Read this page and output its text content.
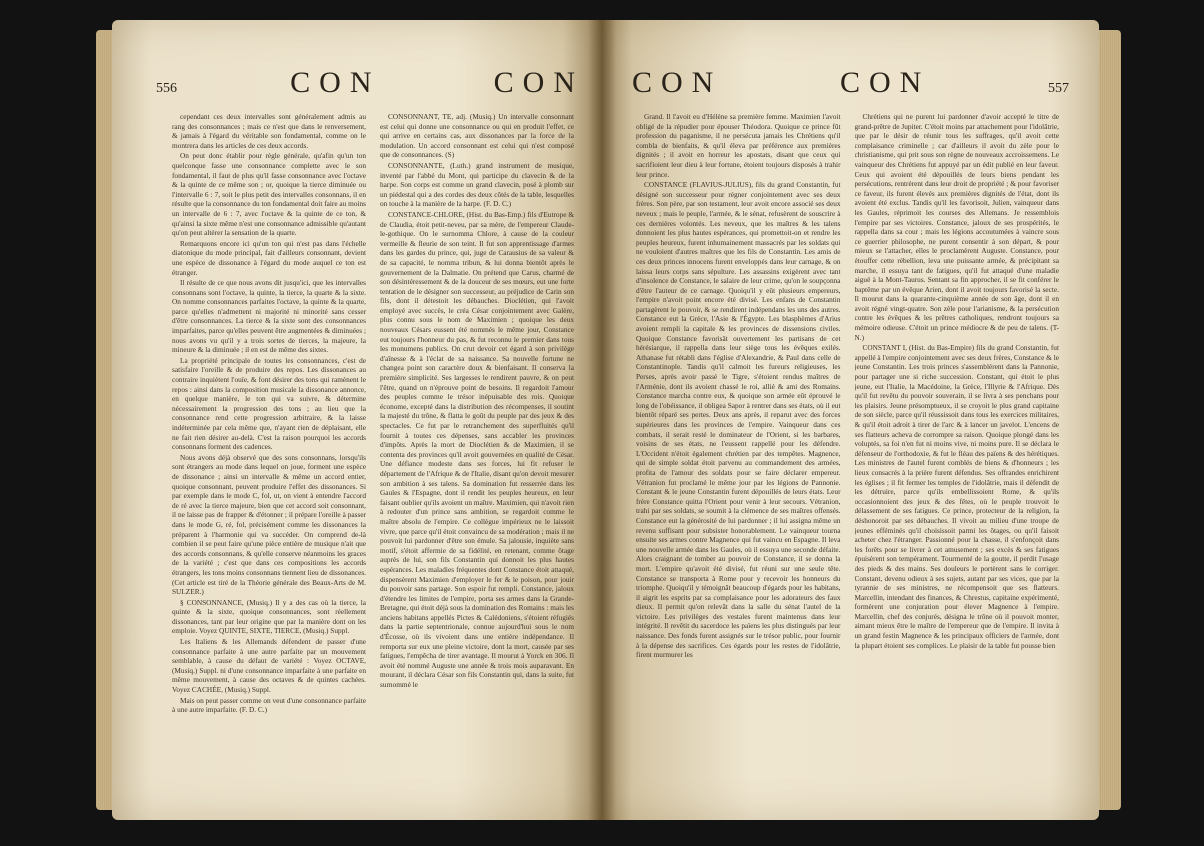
556	CON	CON

cependant ces deux intervalles sont généralement admis au rang des consonnances ; mais ce n'est que dans le renversement, & jamais à l'égard du véritable son fondamental, comme on le montrera dans les articles de ces deux accords.

On peut donc établir pour règle générale, qu'afin qu'un ton quelconque fasse une consonnance complette avec le son fondamental, il faut de plus qu'il fasse consonnance avec l'octave & la quinte de ce même son ; or, quoique la tierce diminuée ou l'intervalle 6 : 7, soit le plus petit des intervalles consonnans, il en résulte que la consonnance du ton fondamental doit faire au moins un intervalle de 6 : 7, avec l'octave & la quinte de ce ton, & qu'ainsi la sixte même n'est une consonnance admissible qu'autant qu'on peut altérer la sensation de la quarte.

Remarquons encore ici qu'un ton qui n'est pas dans l'échelle diatonique du mode principal, fait d'ailleurs consonnant, devient une espèce de dissonance à l'égard du mode auquel ce ton est étranger.

Il résulte de ce que nous avons dit jusqu'ici, que les intervalles consonnans sont l'octave, la quinte, la tierce, la quarte & la sixte. On nomme consonnances parfaites l'octave, la quinte & la quarte, parce qu'elles n'admettent ni majorité ni minorité sans cesser d'être consonnances. La tierce & la sixte sont des consonnances imparfaites, parce qu'elles peuvent être augmentées & diminuées ; nous avons vu qu'il y a trois sortes de tierces, la majeure, la mineure & la diminuée ; il en est de même des sixtes.

La propriété principale de toutes les consonnances, c'est de satisfaire l'oreille & de produire des repos. Les dissonances au contraire inquiètent l'ouïe, & font désirer des tons qui ramènent le repos : ainsi dans la composition musicale la dissonance annonce, en quelque manière, le ton qui va suivre, & détermine nécessairement la progression des tons ; au lieu que la consonnance rend cette progression arbitraire, & la laisse indéterminée par cela même que, n'ayant rien de déplaisant, elle ne fait rien désirer au-delà. C'est la raison pourquoi les accords consonnans forment des cadences.

Nous avons déjà observé que des sons consonnans, lorsqu'ils sont étrangers au mode dans lequel on joue, forment une espèce de dissonance ; ainsi un intervalle & même un accord entier, quoique consonnant, peuvent produire l'effet des dissonances. Si par exemple dans le mode C, fol, ut, on vient à entendre l'accord de ré avec la tierce majeure, bien que cet accord soit consonnant, il ne laisse pas de frapper & d'étonner ; il prépare l'oreille à passer dans le mode G, ré, fol, précisément comme les dissonances la préparent à l'harmonie qui va succéder. On comprend de-là combien il se peut faire qu'une pièce entière de musique n'ait que des accords consonnans, & qu'elle conserve néanmoins les graces de la variété ; c'est que dans ces compositions les accords étrangers, les tons moins consonnans tiennent lieu de dissonances. (Cet article est tiré de la Théorie générale des Beaux-Arts de M. SULZER.)

§ CONSONNANCE, (Musiq.) Il y a des cas où la tierce, la quinte & la sixte, quoique consonnances, sont réellement dissonances, tant par leur origine que par la manière dont on les emploie. Voyez QUINTE, SIXTE, TIERCE, (Musiq.) Suppl.

Les Italiens & les Allemands défendent de passer d'une consonnance parfaite à une autre parfaite par un mouvement semblable, à cause du défaut de variété : Voyez OCTAVE, (Musiq.) Suppl. ni d'une consonnance imparfaite à une parfaite en même mouvement, à cause des octaves & de quintes cachées. Voyez CACHÉE, (Musiq.) Suppl.

Mais on peut passer comme on veut d'une consonnance parfaite à une autre imparfaite. (F. D. C.)

CONSONNANT, TE, adj. (Musiq.) Un intervalle consonnant est celui qui donne une consonnance ou qui en produit l'effet, ce qui arrive en certains cas, aux dissonances par la force de la modulation. Un accord consonnant est celui qui n'est composé que de consonnances. (S)

CONSONNANTE, (Luth.) grand instrument de musique, inventé par l'abbé du Mont, qui participe du clavecin & de la harpe. Son corps est comme un grand clavecin, posé à plomb sur un piédestal qui a des cordes des deux côtés de la table, lesquelles on touche à la manière de la harpe. (F. D. C.)

CONSTANCE-CHLORE, (Hist. du Bas-Emp.) fils d'Eutrope & de Claudia, étoit petit-neveu, par sa mère, de l'empereur Claude-le-gothique. On le surnomma Chlore, à cause de la couleur vermeille & fleurie de son teint. Il fut son apprentissage d'armes dans les gardes du prince, qui, juge de Carausius de sa valeur & de sa capacité, le nomma tribun, & lui donna bientôt après le gouvernement de la Dalmatie. On prétend que Carus, charmé de son désintéressement & de la douceur de ses mœurs, eut une forte tentation de le désigner son successeur, au préjudice de Carin son fils, dont il détestoit les débauches. Dioclétien, qui l'avoit employé avec succès, le créa César conjointement avec Galère, plus connu sous le nom de Maximien ; quoique les deux nouveaux Césars eussent été nommés le même jour, Constance eut toujours l'honneur du pas, & fut reconnu le premier dans tous les monumens publics. On crut devoir cet égard à son privilège d'aînesse & à l'éclat de sa naissance. Sa nouvelle fortune ne changea point son caractère doux & bienfaisant. Il conserva la première simplicité. Ses largesses le rendirent pauvre, & on peut l'être, quand on n'éprouve point de besoins. Il regardoit l'amour des peuples comme le trésor inépuisable des rois. Quoique économe, excepté dans la distribution des récompenses, il soutint la majesté du trône, & flatta le goût du peuple par des jeux & des spectacles. Ce fut par le retranchement des superfluités qu'il fournit à toutes ces dépenses, sans accabler les provinces d'impôts. Après la mort de Dioclétien & de Maximien, il se contenta des provinces qu'il avoit gouvernées en qualité de César. Une défiance modeste dans ses forces, lui fit refuser le département de l'Afrique & de l'Italie, disant qu'on devoit mesurer son ambition à ses talens. Sa domination fut resserrée dans les Gaules & l'Espagne, dont il rendit les peuples heureux, en leur faisant oublier qu'ils avoient un maître. Maximien, qui n'avoit rien à redouter d'un prince sans ambition, se regardoit comme le maître absolu de l'empire. Ce collègue impérieux ne le laissoit vivre, que parce qu'il étoit convaincu de sa modération ; mais il ne pouvoit lui pardonner d'être son émule. Sa jalousie, inquiète sans motif, s'étoit affermie de sa fidélité, en retenant, comme ôtage auprès de lui, son fils Constantin qui donnoit les plus hautes espérances. Les maladies fréquentes dont Constance étoit attaqué, dispensèrent Maximien d'employer le fer & le poison, pour jouir du pouvoir sans partage. Son espoir fut rempli. Constance, jaloux d'étendre les limites de l'empire, porta ses armes dans la Grande-Bretagne, qui étoit déjà sous la domination des Romains : mais les anciens habitans appellés Pictes & Calédoniens, s'étoient réfugiés dans la partie septentrionale, connue aujourd'hui sous le nom d'Écosse, où ils vivoient dans une entière indépendance. Il remporta sur eux une pleine victoire, dont la mort, causée par ses fatigues, l'empêcha de tirer avantage. Il mourut à Yorck en 306. Il avoit été nommé Auguste une année & trois mois auparavant. En mourant, il déclara César son fils Constantin qui, dans la suite, fut surnommé le

CON	CON	557

Grand. Il l'avoit eu d'Hélène sa première femme. Maximien l'avoit obligé de la répudier pour épouser Théodora. Quoique ce prince fût profession du paganisme, il ne persécuta jamais les Chrétiens qu'il combla de bienfaits, & qu'il éleva par préférence aux premières dignités ; il avoit en horreur les apostats, disant que ceux qui sacrifioient leur dieu à leur fortune, étoient toujours disposés à trahir leur prince.

CONSTANCE (FLAVIUS-JULIUS), fils du grand Constantin, fut désigné son successeur pour régner conjointement avec ses deux frères. Son père, par son testament, leur avoit encore associé ses deux neveux ; mais le peuple, l'armée, & le sénat, refusèrent de souscrire à ces dernières volontés. Les neveux, que les maîtres & les talens donnoient les plus hautes espérances, qui promettoit-on et rendre les peuples heureux, furent inhumainement massacrés par les soldats qui ne vouloient d'autres maîtres que les fils de Constantin. Les amis de ces deux princes innocens furent enveloppés dans leur carnage, & on laissa leurs corps sans sépulture. Les assassins exigèrent avec tant d'insolence de Constance, le salaire de leur crime, qu'on le soupçonna d'être l'auteur de ce carnage. Quoiqu'il y eût plusieurs empereurs, l'empire n'avoit point encore été divisé. Les enfans de Constantin partagèrent le pouvoir, & se rendirent indépendans les uns des autres. Constance eut la Grèce, l'Asie & l'Égypte. Les blasphèmes d'Arius avoient rempli la capitale & les provinces de dissensions civiles. Quoique Constance favorisât ouvertement les partisans de cet hérésiarque, il rappella dans leur siège tous les évêques exilés. Athanase fut rétabli dans l'église d'Alexandrie, & Paul dans celle de Constantinople. Tandis qu'il calmoit les fureurs religieuses, les Perses, après avoir passé le Tigre, s'étoient rendus maîtres de l'Arménie, dont ils avoient chassé le roi, allié & ami des Romains. Constance marcha contre eux, & quoique son armée eût éprouvé le long de l'obéissance, il obligea Sapor à rentrer dans ses états, où il eut bientôt réparé ses pertes. Deux ans après, il reparut avec des forces supérieures dans les provinces de l'empire. Vainqueur dans ces combats, il serait resté le dominateur de l'Orient, si les barbares, voisins de ses états, ne l'eussent rappellé pour les défendre. L'Occident n'étoit également chrétien par des tempêtes. Magnence, qui de simple soldat étoit parvenu au commandement des armées, profita de l'amour des soldats pour se faire déclarer empereur. Vétranion fut proclamé le même jour par les légions de Pannonie. Constant & le jeune Constantin furent dépouillés de leurs états. Leur frère Constance quitta l'Orient pour venir à leur secours. Vétranion, trahi par ses soldats, se soumit à la clémence de ses maîtres offensés. Constance eut la générosité de lui pardonner ; il lui assigna même un revenu suffisant pour subsister honorablement. Le vainqueur tourna ensuite ses armes contre Magnence qui fut vaincu en Espagne. Il leva une nouvelle armée dans les Gaules, où il essuya une seconde défaite. Alors craignant de tomber au pouvoir de Constance, il se donna la mort. L'empire qu'avoit été divisé, fut réuni sur une seule tête. Constance se transporta à Rome pour y recevoir les honneurs du triomphe. Quoiqu'il y témoignât beaucoup d'égards pour les habitans, il aigrit les esprits par sa complaisance pour les adorateurs des faux dieux. Il permit qu'on relevât dans la salle du sénat l'autel de la victoire. Les privilèges des vestales furent maintenus dans leur intégrité. Il revêtit du sacerdoce les païens les plus distingués par leur naissance. Des fonds furent assignés sur le trésor public, pour fournir à la dépense des sacrifices. Ces égards pour les restes de l'idolâtrie, firent murmurer les

Chrétiens qui ne purent lui pardonner d'avoir accepté le titre de grand-prêtre de Jupiter. C'étoit moins par attachement pour l'idolâtrie, que par le désir de réunir tous les suffrages, qu'il avoit cette complaisance criminelle ; car d'ailleurs il avoit du zèle pour le christianisme, qui prit sous son règne de nouveaux accroissemens. Le vainqueur des Chrétiens fut appuyé par un édit publié en leur faveur. Ceux qui avoient été dépouillés de leurs biens pendant les persécutions, rentrèrent dans leur droit de propriété ; & pour favoriser ce faveur, ils furent élevés aux premières dignités de l'état, dont ils avoient été exclus. Tandis qu'il les favorisoit, Julien, vainqueur dans les Gaules, réprimoit les courses des Allemans. Je ressemblois l'empire par ses victoires. Constance, jaloux de ses prospérités, le rappella dans sa cour ; mais les légions accoutumées à vaincre sous ce guerrier philosophe, ne purent consentir à son départ, & pour mieux se l'attacher, elles le proclamèrent Auguste. Constance, pour étouffer cette rébellion, leva une puissante armée, & précipitant sa marche, il essuya tant de fatigues, qu'il fut attaqué d'une maladie aiguë à la Mont-Taurus. Sentant sa fin approcher, il se fit conférer le baptême par un évêque Arien, dont il avoit toujours favorisé la secte. Il mourut dans la quarante-cinquième année de son âge, dont il en avoit régné vingt-quatre. Son zèle pour l'arianisme, & la persécution contre les évêques & les prêtres catholiques, rendront toujours sa mémoire odieuse. C'étoit un prince médiocre & de peu de talens. (T-N.)

CONSTANT I, (Hist. du Bas-Empire) fils du grand Constantin, fut appellé à l'empire conjointement avec ses deux frères, Constance & le jeune Constantin. Les trois princes s'assemblèrent dans la Pannonie, pour partager une si riche succession. Constant, qui étoit le plus jeune, eut l'Italie, la Macédoine, la Grèce, l'Illyrie & l'Afrique. Dès qu'il fut revêtu du pouvoir souverain, il se livra à ses penchans pour les plaisirs. Jeune présomptueux, il se croyoit le plus grand capitaine de son siècle, parce qu'il réussissoit dans tous les exercices militaires, & qu'il étoit adroit à tirer de l'arc & à lancer un javelot. L'encens de ses flatteurs acheva de corrompre sa raison. Quoique plongé dans les voluptés, sa foi n'en fut ni moins vive, ni moins pure. Il se déclara le défenseur de l'orthodoxie, & fut le fléau des païens & des hérétiques. Les ministres de l'autel furent comblés de biens & d'honneurs ; les lieux consacrés à la prière furent défendus. Ses offrandes enrichirent les églises ; il fit fermer les temples de l'idolâtrie, mais il défendit de les détruire, parce qu'ils embellissoient Rome, & qu'ils occasionnoient des jeux & des fêtes, où le peuple trouvoit le délassement de ses fatigues. Ce prince, protecteur de la religion, la déshonoroit par ses débauches. Il vivoit au milieu d'une troupe de jeunes efféminés qu'il choisissoit parmi les ôtages, ou qu'il faisoit acheter chez l'étranger. Passionné pour la chasse, il s'enfonçoit dans les forêts pour se livrer à cet amusement ; ses excès & ses fatigues épuisèrent son tempérament. Tourmenté de la goutte, il perdit l'usage des pieds & des mains. Ses douleurs le portèrent sans le corriger. Constant, devenu odieux à ses sujets, autant par ses vices, que par la tyrannie de ses ministres, ne récompensoit que ses flatteurs. Marcellin, intendant des finances, & Chrestus, capitaine expérimenté, formèrent une conjuration pour élever Magnence à l'empire. Marcellin, chef des conjurés, désigna le trône où il pouvoit monter, aimant mieux être le maître de l'empereur que de l'empire. Il invita à un grand festin Magnence & les principaux officiers de l'armée, dont la plupart étoient ses complices. Le plaisir de la table fut pousse bien
